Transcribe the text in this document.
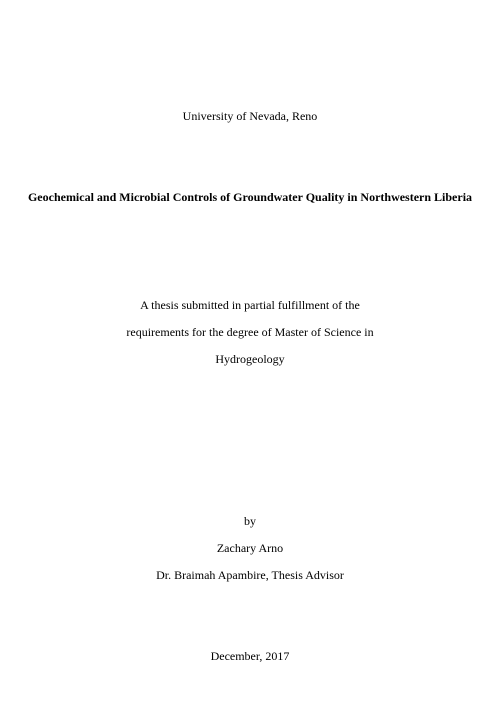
University of Nevada, Reno
Geochemical and Microbial Controls of Groundwater Quality in Northwestern Liberia
A thesis submitted in partial fulfillment of the
requirements for the degree of Master of Science in
Hydrogeology
by
Zachary Arno
Dr. Braimah Apambire, Thesis Advisor
December, 2017
